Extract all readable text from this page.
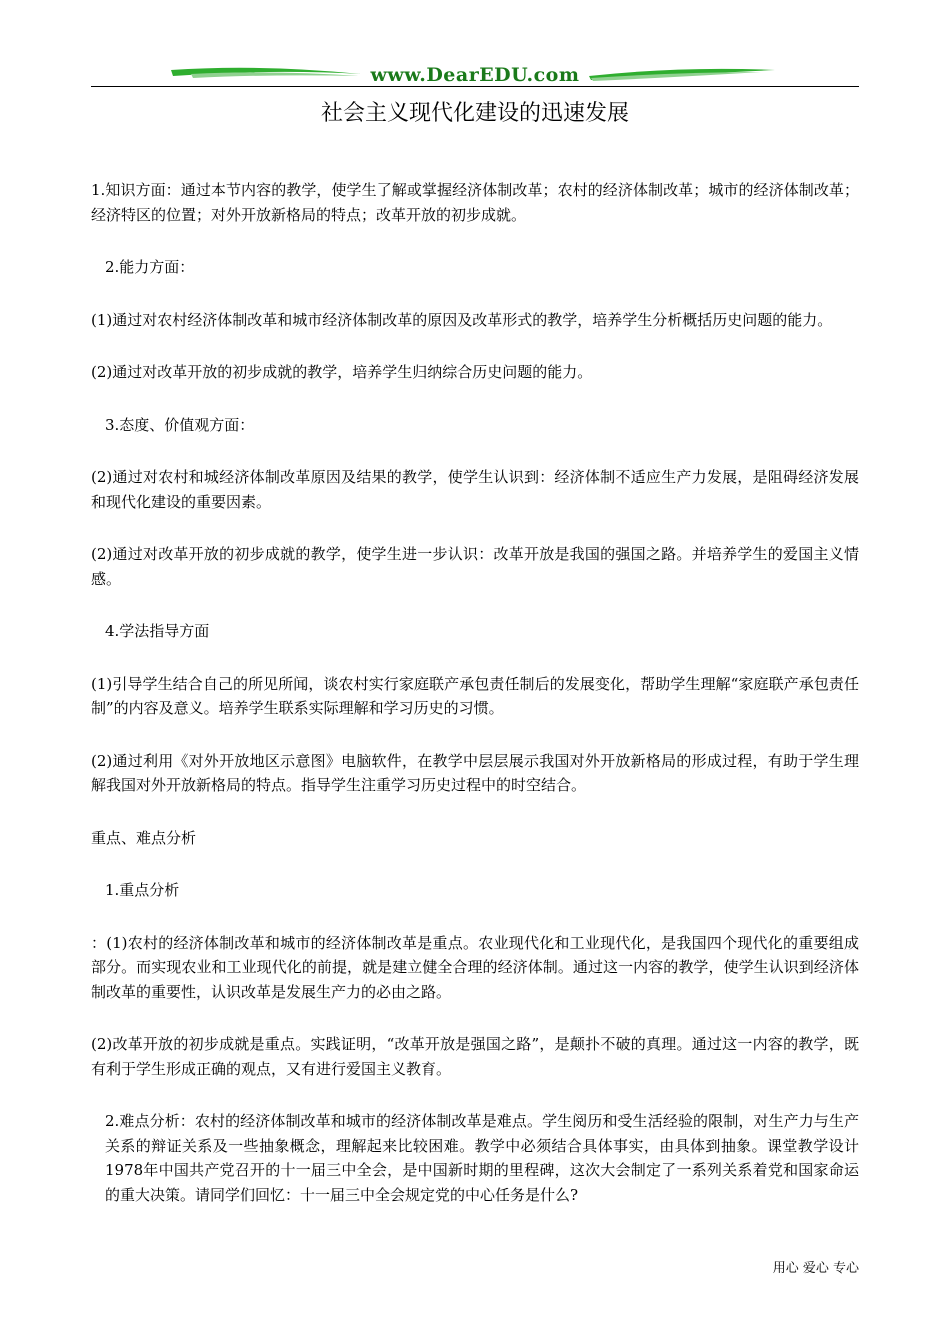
www.DearEDU.com
社会主义现代化建设的迅速发展

1.知识方面：通过本节内容的教学，使学生了解或掌握经济体制改革；农村的经济体制改革；城市的经济体制改革；经济特区的位置；对外开放新格局的特点；改革开放的初步成就。

2.能力方面：

(1)通过对农村经济体制改革和城市经济体制改革的原因及改革形式的教学，培养学生分析概括历史问题的能力。

(2)通过对改革开放的初步成就的教学，培养学生归纳综合历史问题的能力。

3.态度、价值观方面：

(2)通过对农村和城经济体制改革原因及结果的教学，使学生认识到：经济体制不适应生产力发展，是阻碍经济发展和现代化建设的重要因素。

(2)通过对改革开放的初步成就的教学，使学生进一步认识：改革开放是我国的强国之路。并培养学生的爱国主义情感。

4.学法指导方面

(1)引导学生结合自己的所见所闻，谈农村实行家庭联产承包责任制后的发展变化，帮助学生理解“家庭联产承包责任制”的内容及意义。培养学生联系实际理解和学习历史的习惯。

(2)通过利用《对外开放地区示意图》电脑软件，在教学中层层展示我国对外开放新格局的形成过程，有助于学生理解我国对外开放新格局的特点。指导学生注重学习历史过程中的时空结合。

重点、难点分析

1.重点分析

：(1)农村的经济体制改革和城市的经济体制改革是重点。农业现代化和工业现代化，是我国四个现代化的重要组成部分。而实现农业和工业现代化的前提，就是建立健全合理的经济体制。通过这一内容的教学，使学生认识到经济体制改革的重要性，认识改革是发展生产力的必由之路。

(2)改革开放的初步成就是重点。实践证明，“改革开放是强国之路”，是颠扑不破的真理。通过这一内容的教学，既有利于学生形成正确的观点，又有进行爱国主义教育。

2.难点分析：农村的经济体制改革和城市的经济体制改革是难点。学生阅历和受生活经验的限制，对生产力与生产关系的辩证关系及一些抽象概念，理解起来比较困难。教学中必须结合具体事实，由具体到抽象。课堂教学设计1978年中国共产党召开的十一届三中全会，是中国新时期的里程碑，这次大会制定了一系列关系着党和国家命运的重大决策。请同学们回忆：十一届三中全会规定党的中心任务是什么?

用心 爱心 专心
